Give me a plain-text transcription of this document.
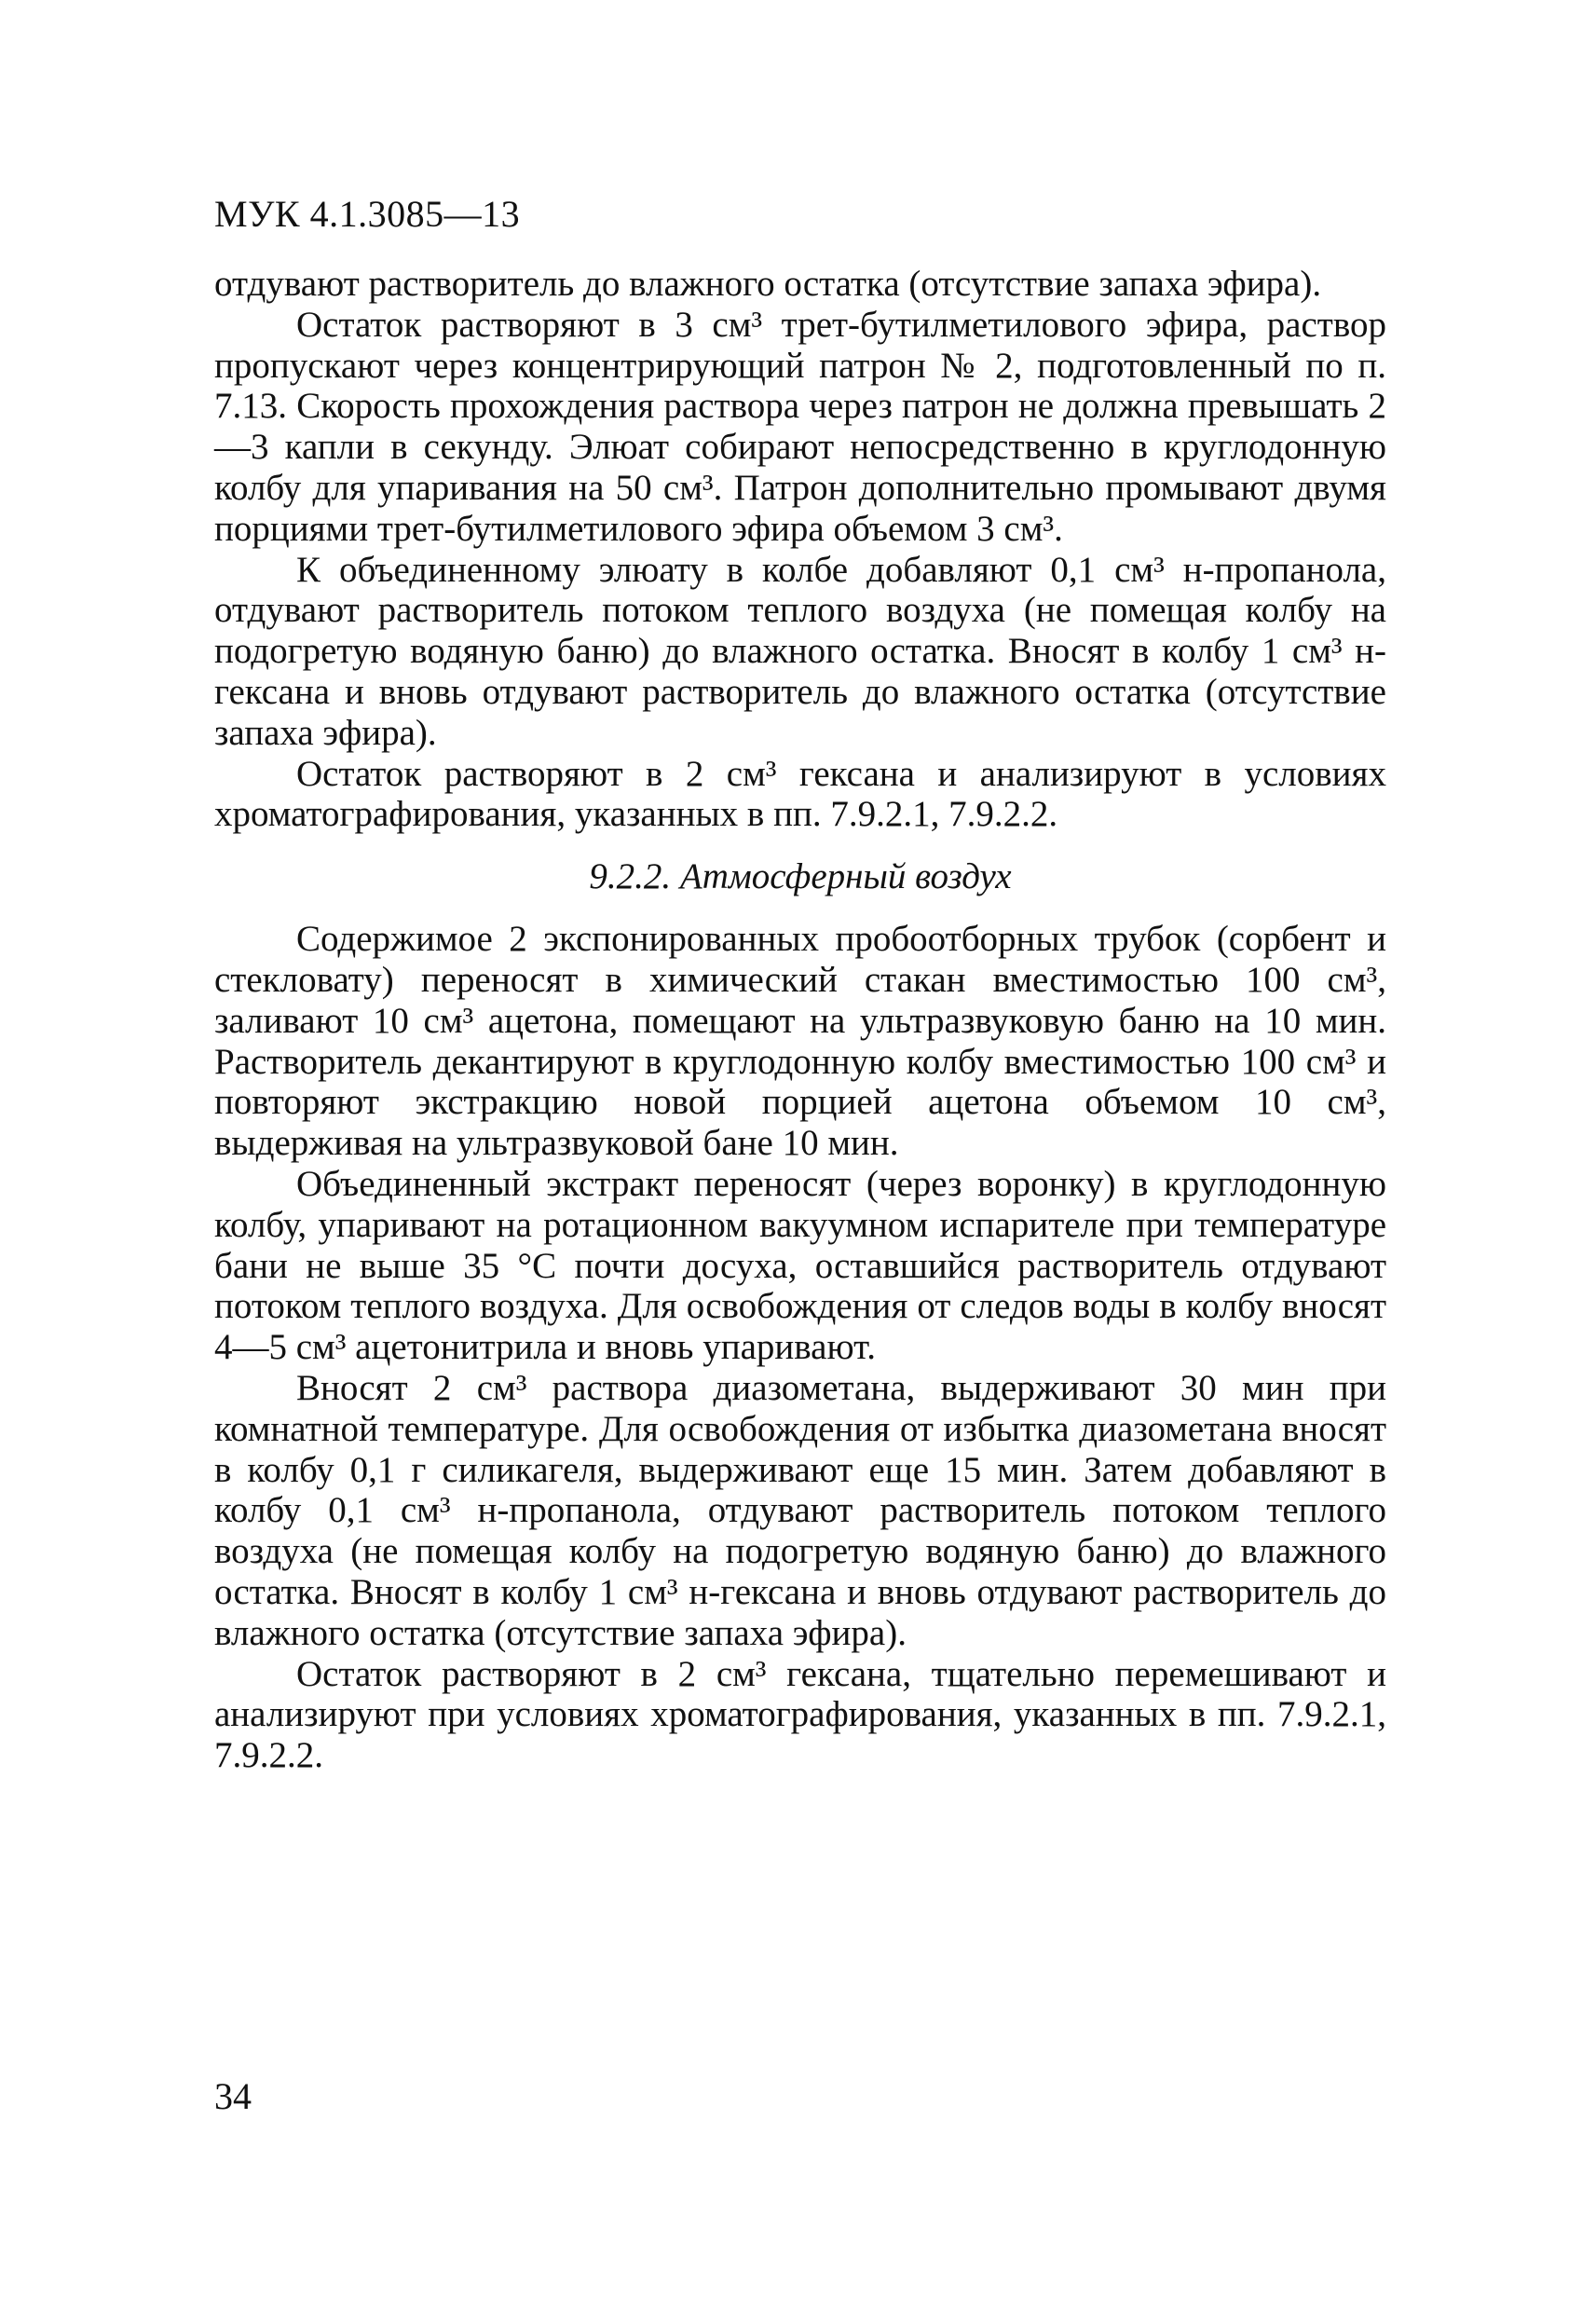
МУК 4.1.3085—13

отдувают растворитель до влажного остатка (отсутствие запаха эфира).

Остаток растворяют в 3 см³ трет-бутилметилового эфира, раствор пропускают через концентрирующий патрон № 2, подготовленный по п. 7.13. Скорость прохождения раствора через патрон не должна превышать 2—3 капли в секунду. Элюат собирают непосредственно в круглодонную колбу для упаривания на 50 см³. Патрон дополнительно промывают двумя порциями трет-бутилметилового эфира объемом 3 см³.

К объединенному элюату в колбе добавляют 0,1 см³ н-пропанола, отдувают растворитель потоком теплого воздуха (не помещая колбу на подогретую водяную баню) до влажного остатка. Вносят в колбу 1 см³ н-гексана и вновь отдувают растворитель до влажного остатка (отсутствие запаха эфира).

Остаток растворяют в 2 см³ гексана и анализируют в условиях хроматографирования, указанных в пп. 7.9.2.1, 7.9.2.2.

9.2.2. Атмосферный воздух

Содержимое 2 экспонированных пробоотборных трубок (сорбент и стекловату) переносят в химический стакан вместимостью 100 см³, заливают 10 см³ ацетона, помещают на ультразвуковую баню на 10 мин. Растворитель декантируют в круглодонную колбу вместимостью 100 см³ и повторяют экстракцию новой порцией ацетона объемом 10 см³, выдерживая на ультразвуковой бане 10 мин.

Объединенный экстракт переносят (через воронку) в круглодонную колбу, упаривают на ротационном вакуумном испарителе при температуре бани не выше 35 °С почти досуха, оставшийся растворитель отдувают потоком теплого воздуха. Для освобождения от следов воды в колбу вносят 4—5 см³ ацетонитрила и вновь упаривают.

Вносят 2 см³ раствора диазометана, выдерживают 30 мин при комнатной температуре. Для освобождения от избытка диазометана вносят в колбу 0,1 г силикагеля, выдерживают еще 15 мин. Затем добавляют в колбу 0,1 см³ н-пропанола, отдувают растворитель потоком теплого воздуха (не помещая колбу на подогретую водяную баню) до влажного остатка. Вносят в колбу 1 см³ н-гексана и вновь отдувают растворитель до влажного остатка (отсутствие запаха эфира).

Остаток растворяют в 2 см³ гексана, тщательно перемешивают и анализируют при условиях хроматографирования, указанных в пп. 7.9.2.1, 7.9.2.2.

34
